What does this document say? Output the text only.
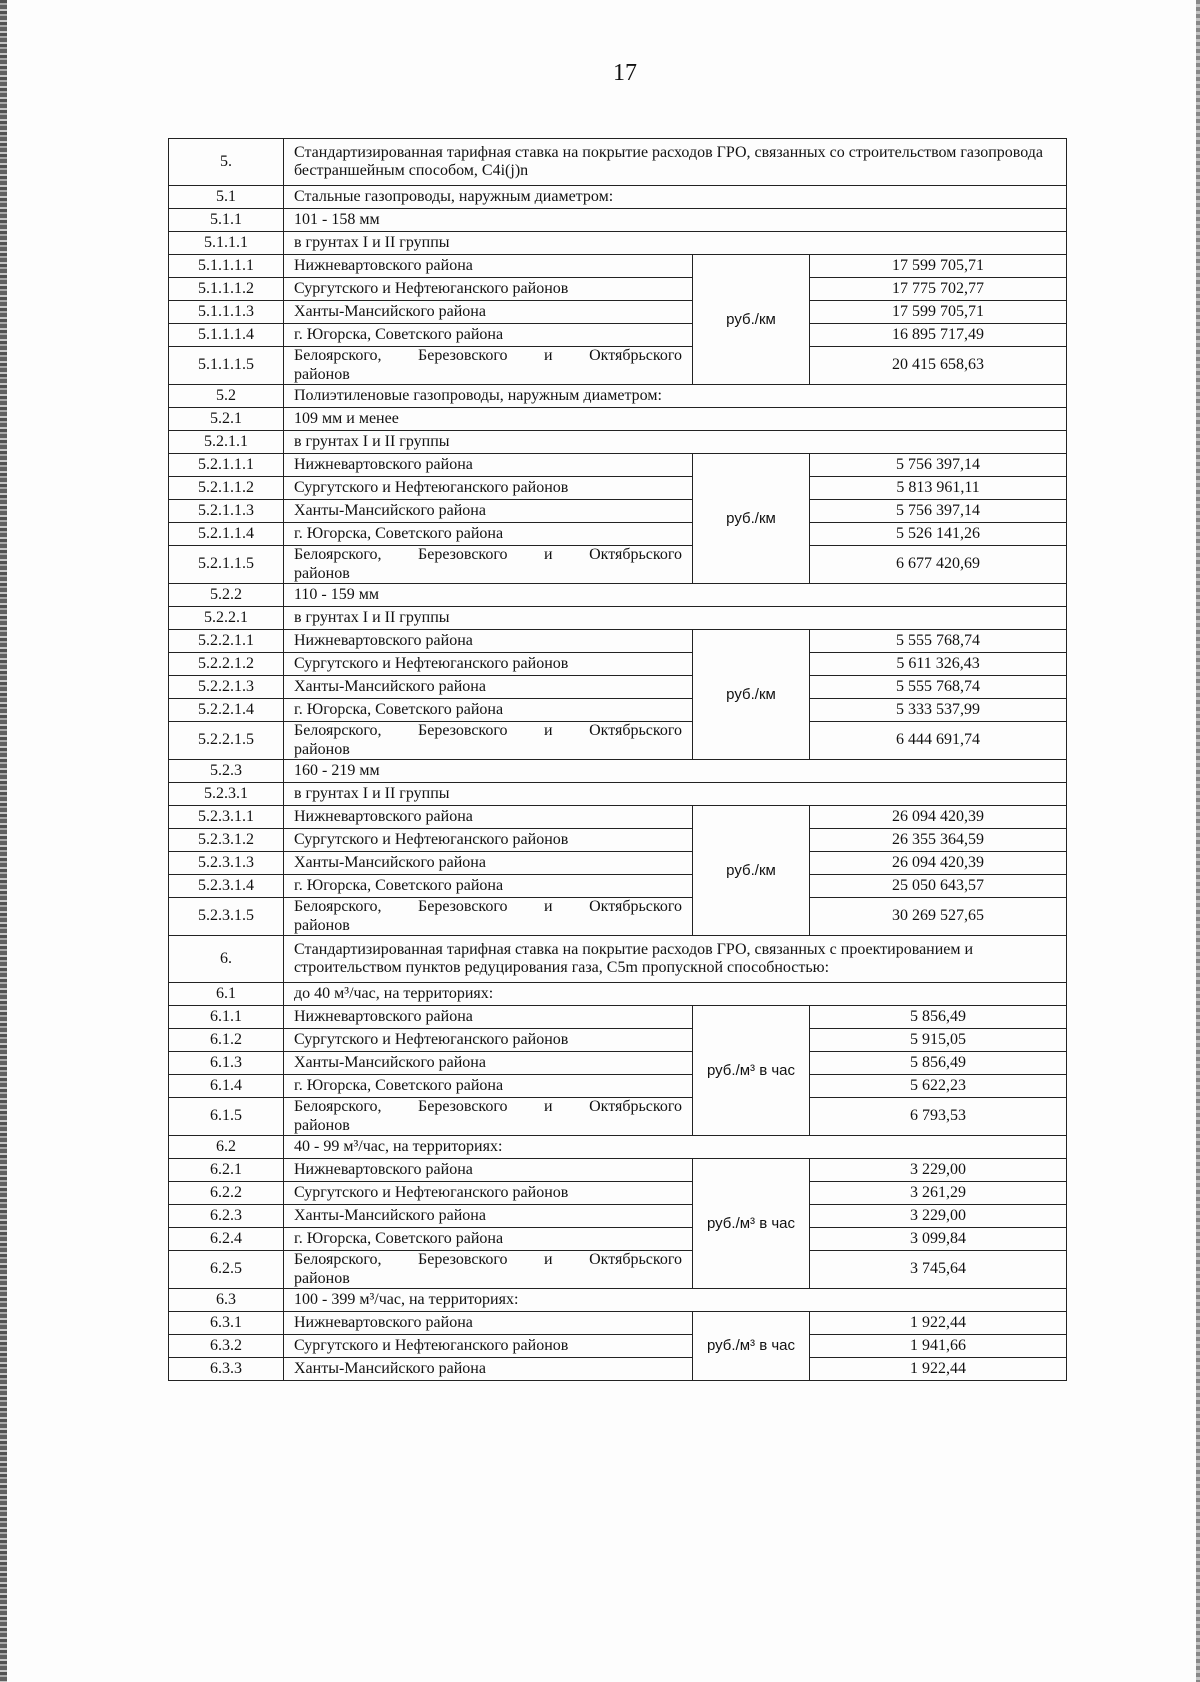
17
5.	Стандартизированная тарифная ставка на покрытие расходов ГРО, связанных со строительством газопровода бестраншейным способом, С4i(j)n		
5.1	Стальные газопроводы, наружным диаметром:		
5.1.1	101 - 158 мм		
5.1.1.1	в грунтах I и II группы		
5.1.1.1.1	Нижневартовского района	руб./км	17 599 705,71
5.1.1.1.2	Сургутского и Нефтеюганского районов		17 775 702,77
5.1.1.1.3	Ханты-Мансийского района		17 599 705,71
5.1.1.1.4	г. Югорска, Советского района		16 895 717,49
5.1.1.1.5	Белоярского, Березовского и Октябрьского
районов		20 415 658,63
5.2	Полиэтиленовые газопроводы, наружным диаметром:		
5.2.1	109 мм и менее		
5.2.1.1	в грунтах I и II группы		
5.2.1.1.1	Нижневартовского района	руб./км	5 756 397,14
5.2.1.1.2	Сургутского и Нефтеюганского районов		5 813 961,11
5.2.1.1.3	Ханты-Мансийского района		5 756 397,14
5.2.1.1.4	г. Югорска, Советского района		5 526 141,26
5.2.1.1.5	Белоярского, Березовского и Октябрьского
районов		6 677 420,69
5.2.2	110 - 159 мм		
5.2.2.1	в грунтах I и II группы		
5.2.2.1.1	Нижневартовского района	руб./км	5 555 768,74
5.2.2.1.2	Сургутского и Нефтеюганского районов		5 611 326,43
5.2.2.1.3	Ханты-Мансийского района		5 555 768,74
5.2.2.1.4	г. Югорска, Советского района		5 333 537,99
5.2.2.1.5	Белоярского, Березовского и Октябрьского
районов		6 444 691,74
5.2.3	160 - 219 мм		
5.2.3.1	в грунтах I и II группы		
5.2.3.1.1	Нижневартовского района	руб./км	26 094 420,39
5.2.3.1.2	Сургутского и Нефтеюганского районов		26 355 364,59
5.2.3.1.3	Ханты-Мансийского района		26 094 420,39
5.2.3.1.4	г. Югорска, Советского района		25 050 643,57
5.2.3.1.5	Белоярского, Березовского и Октябрьского
районов		30 269 527,65
6.	Стандартизированная тарифная ставка на покрытие расходов ГРО, связанных с проектированием и строительством пунктов редуцирования газа, С5m пропускной способностью:		
6.1	до 40 м³/час, на территориях:		
6.1.1	Нижневартовского района	руб./м³ в час	5 856,49
6.1.2	Сургутского и Нефтеюганского районов		5 915,05
6.1.3	Ханты-Мансийского района		5 856,49
6.1.4	г. Югорска, Советского района		5 622,23
6.1.5	Белоярского, Березовского и Октябрьского
районов		6 793,53
6.2	40 - 99 м³/час, на территориях:		
6.2.1	Нижневартовского района	руб./м³ в час	3 229,00
6.2.2	Сургутского и Нефтеюганского районов		3 261,29
6.2.3	Ханты-Мансийского района		3 229,00
6.2.4	г. Югорска, Советского района		3 099,84
6.2.5	Белоярского, Березовского и Октябрьского
районов		3 745,64
6.3	100 - 399 м³/час, на территориях:		
6.3.1	Нижневартовского района	руб./м³ в час	1 922,44
6.3.2	Сургутского и Нефтеюганского районов		1 941,66
6.3.3	Ханты-Мансийского района		1 922,44
